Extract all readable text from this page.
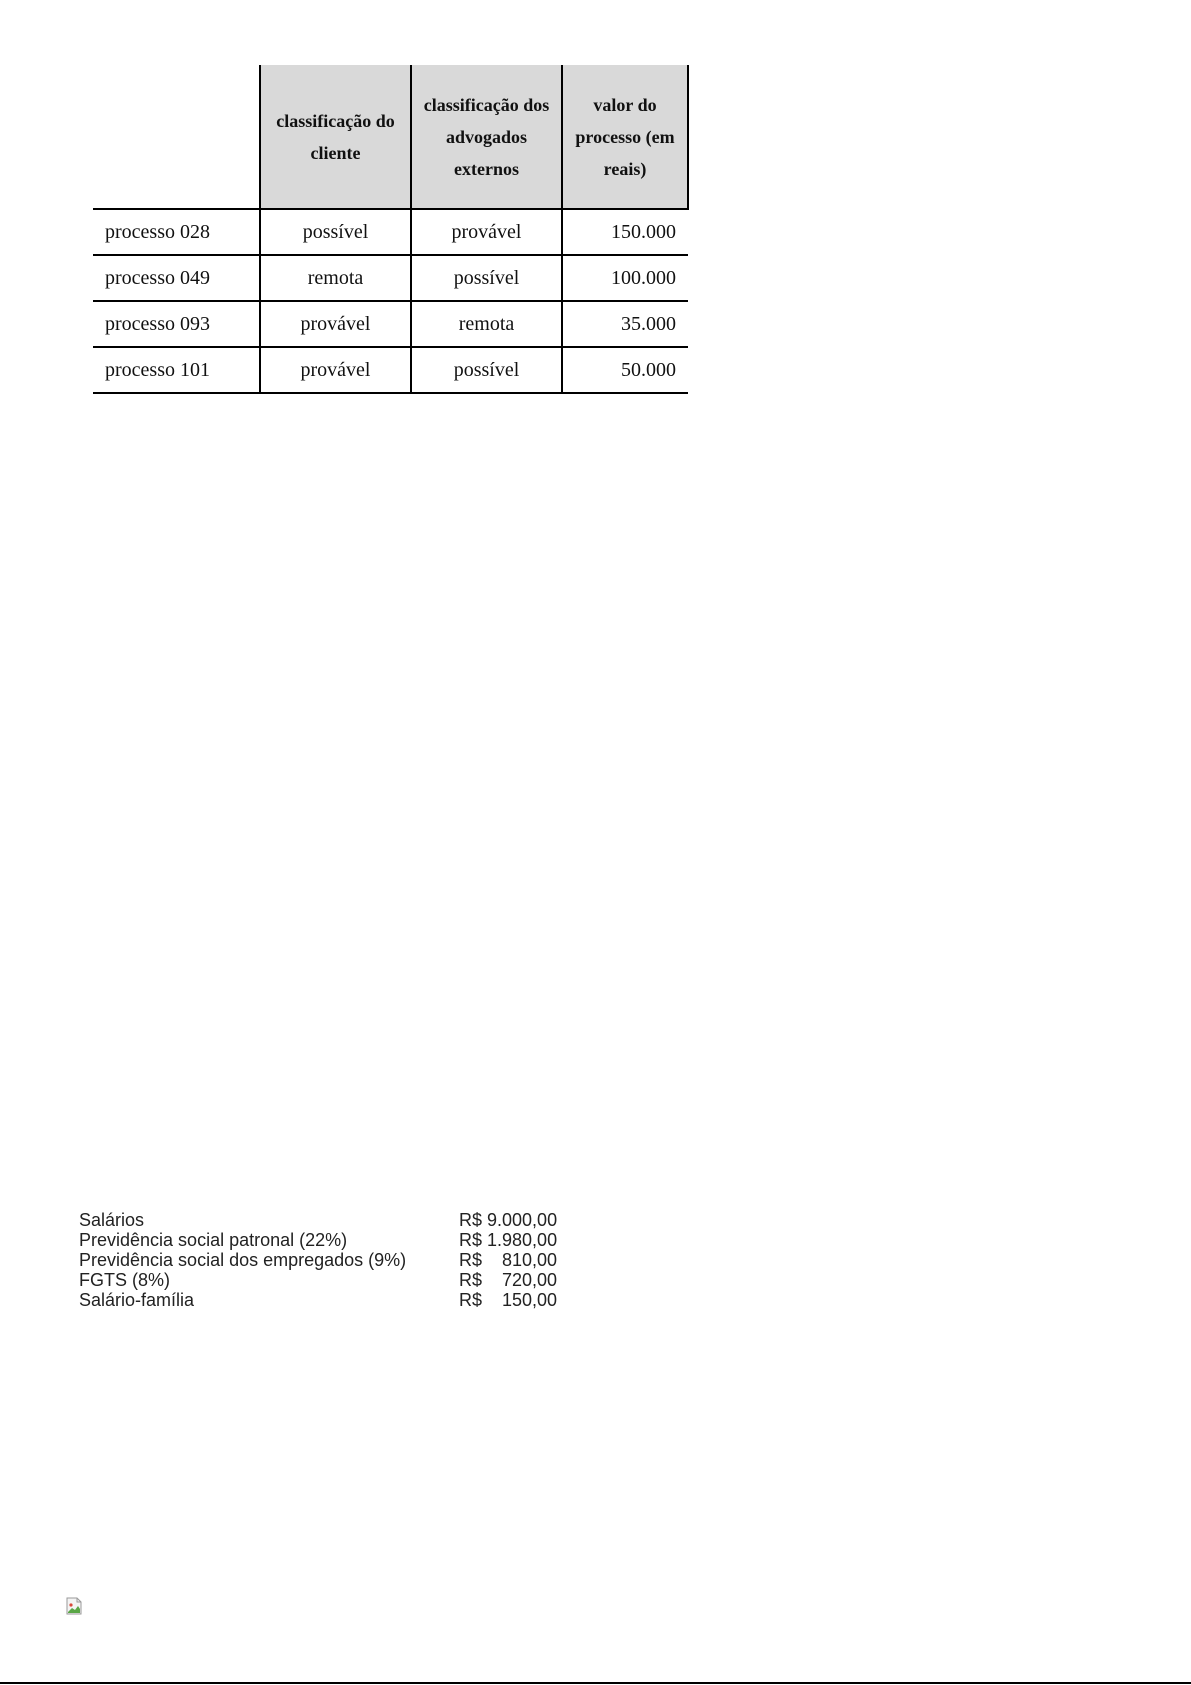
	classificação do cliente	classificação dos advogados externos	valor do processo (em reais)
processo 028	possível	provável	150.000
processo 049	remota	possível	100.000
processo 093	provável	remota	35.000
processo 101	provável	possível	50.000
Salários	R$ 9.000,00
Previdência social patronal (22%)	R$ 1.980,00
Previdência social dos empregados (9%)	R$    810,00
FGTS (8%)	R$    720,00
Salário-família	R$    150,00
